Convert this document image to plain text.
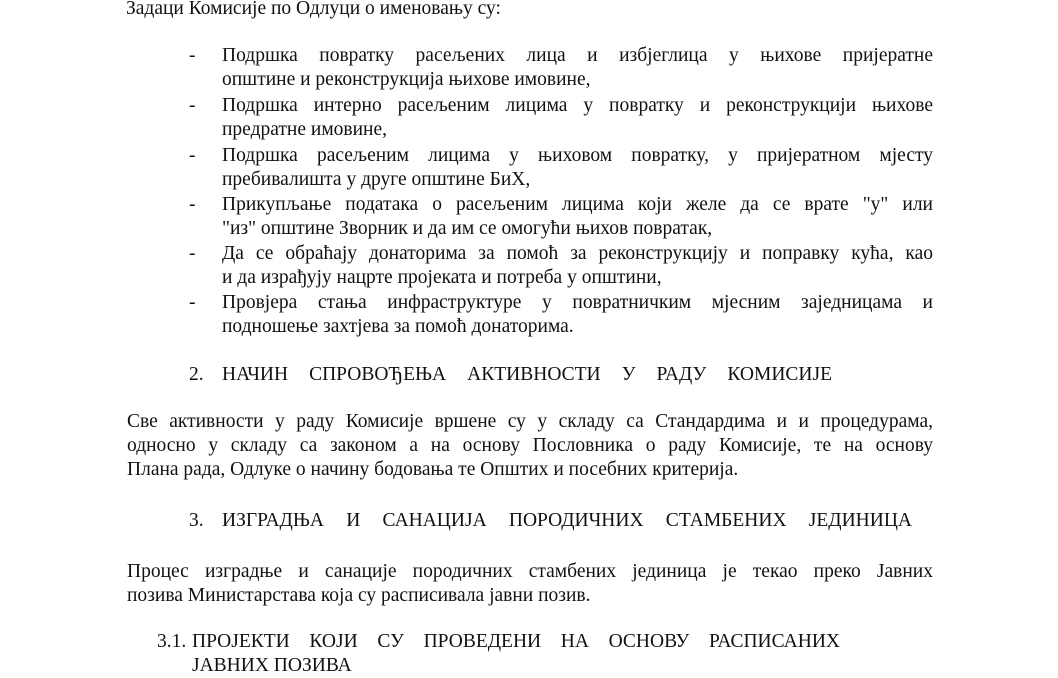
Задаци Комисије по Одлуци о именовању су:
- Подршка повратку расељених лица и избјеглица у њихове пријератне
општине и реконструкција њихове имовине,
- Подршка интерно расељеним лицима у повратку и реконструкцији њихове
предратне имовине,
- Подршка расељеним лицима у њиховом повратку, у пријератном мјесту
пребивалишта у друге општине БиХ,
- Прикупљање података о расељеним лицима који желе да се врате "у" или
"из" општине Зворник и да им се омогући њихов повратак,
- Да се обраћају донаторима за помоћ за реконструкцију и поправку кућа, као
и да израђују нацрте пројеката и потреба у општини,
- Провјера стања инфраструктуре у повратничким мјесним заједницама и
подношење захтјева за помоћ донаторима.
2. НАЧИН СПРОВОЂЕЊА АКТИВНОСТИ У РАДУ КОМИСИЈЕ
Све активности у раду Комисије вршене су у складу са Стандардима и и процедурама,
односно у складу са законом а на основу Пословника о раду Комисије, те на основу
Плана рада, Одлуке о начину бодовања те Општих и посебних критерија.
3. ИЗГРАДЊА И САНАЦИЈА ПОРОДИЧНИХ СТАМБЕНИХ ЈЕДИНИЦА
Процес изградње и санације породичних стамбених јединица је текао преко Јавних
позива Министарстава која су расписивала јавни позив.
3.1. ПРОЈЕКТИ КОЈИ СУ ПРОВЕДЕНИ НА ОСНОВУ РАСПИСАНИХ
ЈАВНИХ ПОЗИВА
